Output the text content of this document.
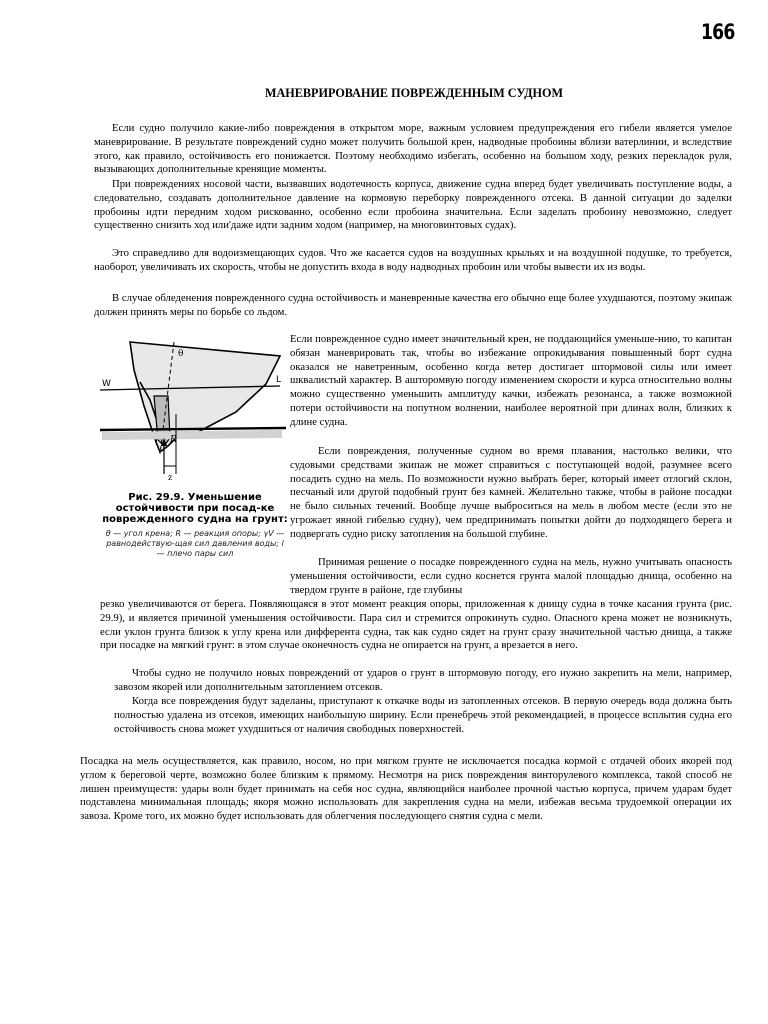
166
МАНЕВРИРОВАНИЕ ПОВРЕЖДЕННЫМ СУДНОМ

Если судно получило какие-либо повреждения в открытом море, важным условием предупреждения его гибели является умелое маневрирование. В результате повреждений судно может получить большой крен, надводные пробоины вблизи ватерлинии, и вследствие этого, как правило, остойчивость его понижается. Поэтому необходимо избегать, особенно на большом ходу, резких перекладок руля, вызывающих дополнительные кренящие моменты.

При повреждениях носовой части, вызвавших водотечность корпуса, движение судна вперед будет увеличивать поступление воды, а следовательно, создавать дополнительное давление на кормовую переборку поврежденного отсека. В данной ситуации до заделки пробоины идти передним ходом рискованно, особенно если пробоина значительна. Если заделать пробоину невозможно, следует существенно снизить ход или'даже идти задним ходом (например, на многовинтовых судах).

Это справедливо для водоизмещающих судов. Что же касается судов на воздушных крыльях и на воздушной подушке, то требуется, наоборот, увеличивать их скорость, чтобы не допустить входа в воду надводных пробоин или чтобы вывести их из воды.

В случае обледенения поврежденного судна остойчивость и маневренные качества его обычно еще более ухудшаются, поэтому экипаж должен принять меры по борьбе со льдом.

W	L
θ
R
z

Рис. 29.9. Уменьшение остойчивости при посад-ке поврежденного судна на грунт:

θ — угол крена; R — реакция опоры; γV — равнодействую-щая сил давления воды; l — плечо пары сил

Если поврежденное судно имеет значительный крен, не поддающийся уменьше-нию, то капитан обязан маневрировать так, чтобы во избежание опрокидывания повышенный борт судна оказался не наветренным, особенно когда ветер достигает штормовой силы или имеет шквалистый характер. В ашторомвую погоду изменением скорости и курса относительно волны можно существенно уменьшить амплитуду качки, избежать резонанса, а также возможной потери остойчивости на попутном волнении, наиболее вероятной при длинах волн, близких к длине судна.

Если повреждения, полученные судном во время плавания, настолько велики, что судовыми средствами экипаж не может справиться с поступающей водой, разумнее всего посадить судно на мель. По возможности нужно выбрать берег, который имеет отлогий склон, песчаный или другой подобный грунт без камней. Желательно также, чтобы в районе посадки не было сильных течений. Вообще лучше выброситься на мель в любом месте (если это не угрожает явной гибелью судну), чем предпринимать попытки дойти до подходящего берега и подвергать судно риску затопления на большой глубине.

Принимая решение о посадке поврежденного судна на мель, нужно учитывать опасность уменьшения остойчивости, если судно коснется грунта малой площадью днища, особенно на твердом грунте в районе, где глубины

резко увеличиваются от берега. Появляющаяся в этот момент реакция опоры, приложенная к днищу судна в точке касания грунта (рис. 29.9), и является причиной уменьшения остойчивости. Пара сил и стремится опрокинуть судно. Опасного крена может не возникнуть, если уклон грунта близок к углу крена или дифферента судна, так как судно сядет на грунт сразу значительной частью днища, а также при посадке на мягкий грунт: в этом случае оконечность судна не опирается на грунт, а врезается в него.

Чтобы судно не получило новых повреждений от ударов о грунт в штормовую погоду, его нужно закрепить на мели, например, завозом якорей или дополнительным затоплением отсеков.

Когда все повреждения будут заделаны, приступают к откачке воды из затопленных отсеков. В первую очередь вода должна быть полностью удалена из отсеков, имеющих наибольшую ширину. Если пренебречь этой рекомендацией, в процессе всплытия судна его остойчивость снова может ухудшиться от наличия свободных поверхностей.

Посадка на мель осуществляется, как правило, носом, но при мягком грунте не исключается посадка кормой с отдачей обоих якорей под углом к береговой черте, возможно более близким к прямому. Несмотря на риск повреждения винторулевого комплекса, такой способ не лишен преимуществ: удары волн будет принимать на себя нос судна, являющийся наиболее прочной частью корпуса, причем ударам будет подставлена минимальная площадь; якоря можно использовать для закрепления судна на мели, избежав весьма трудоемкой операции их завоза. Кроме того, их можно будет использовать для облегчения последующего снятия судна с мели.
